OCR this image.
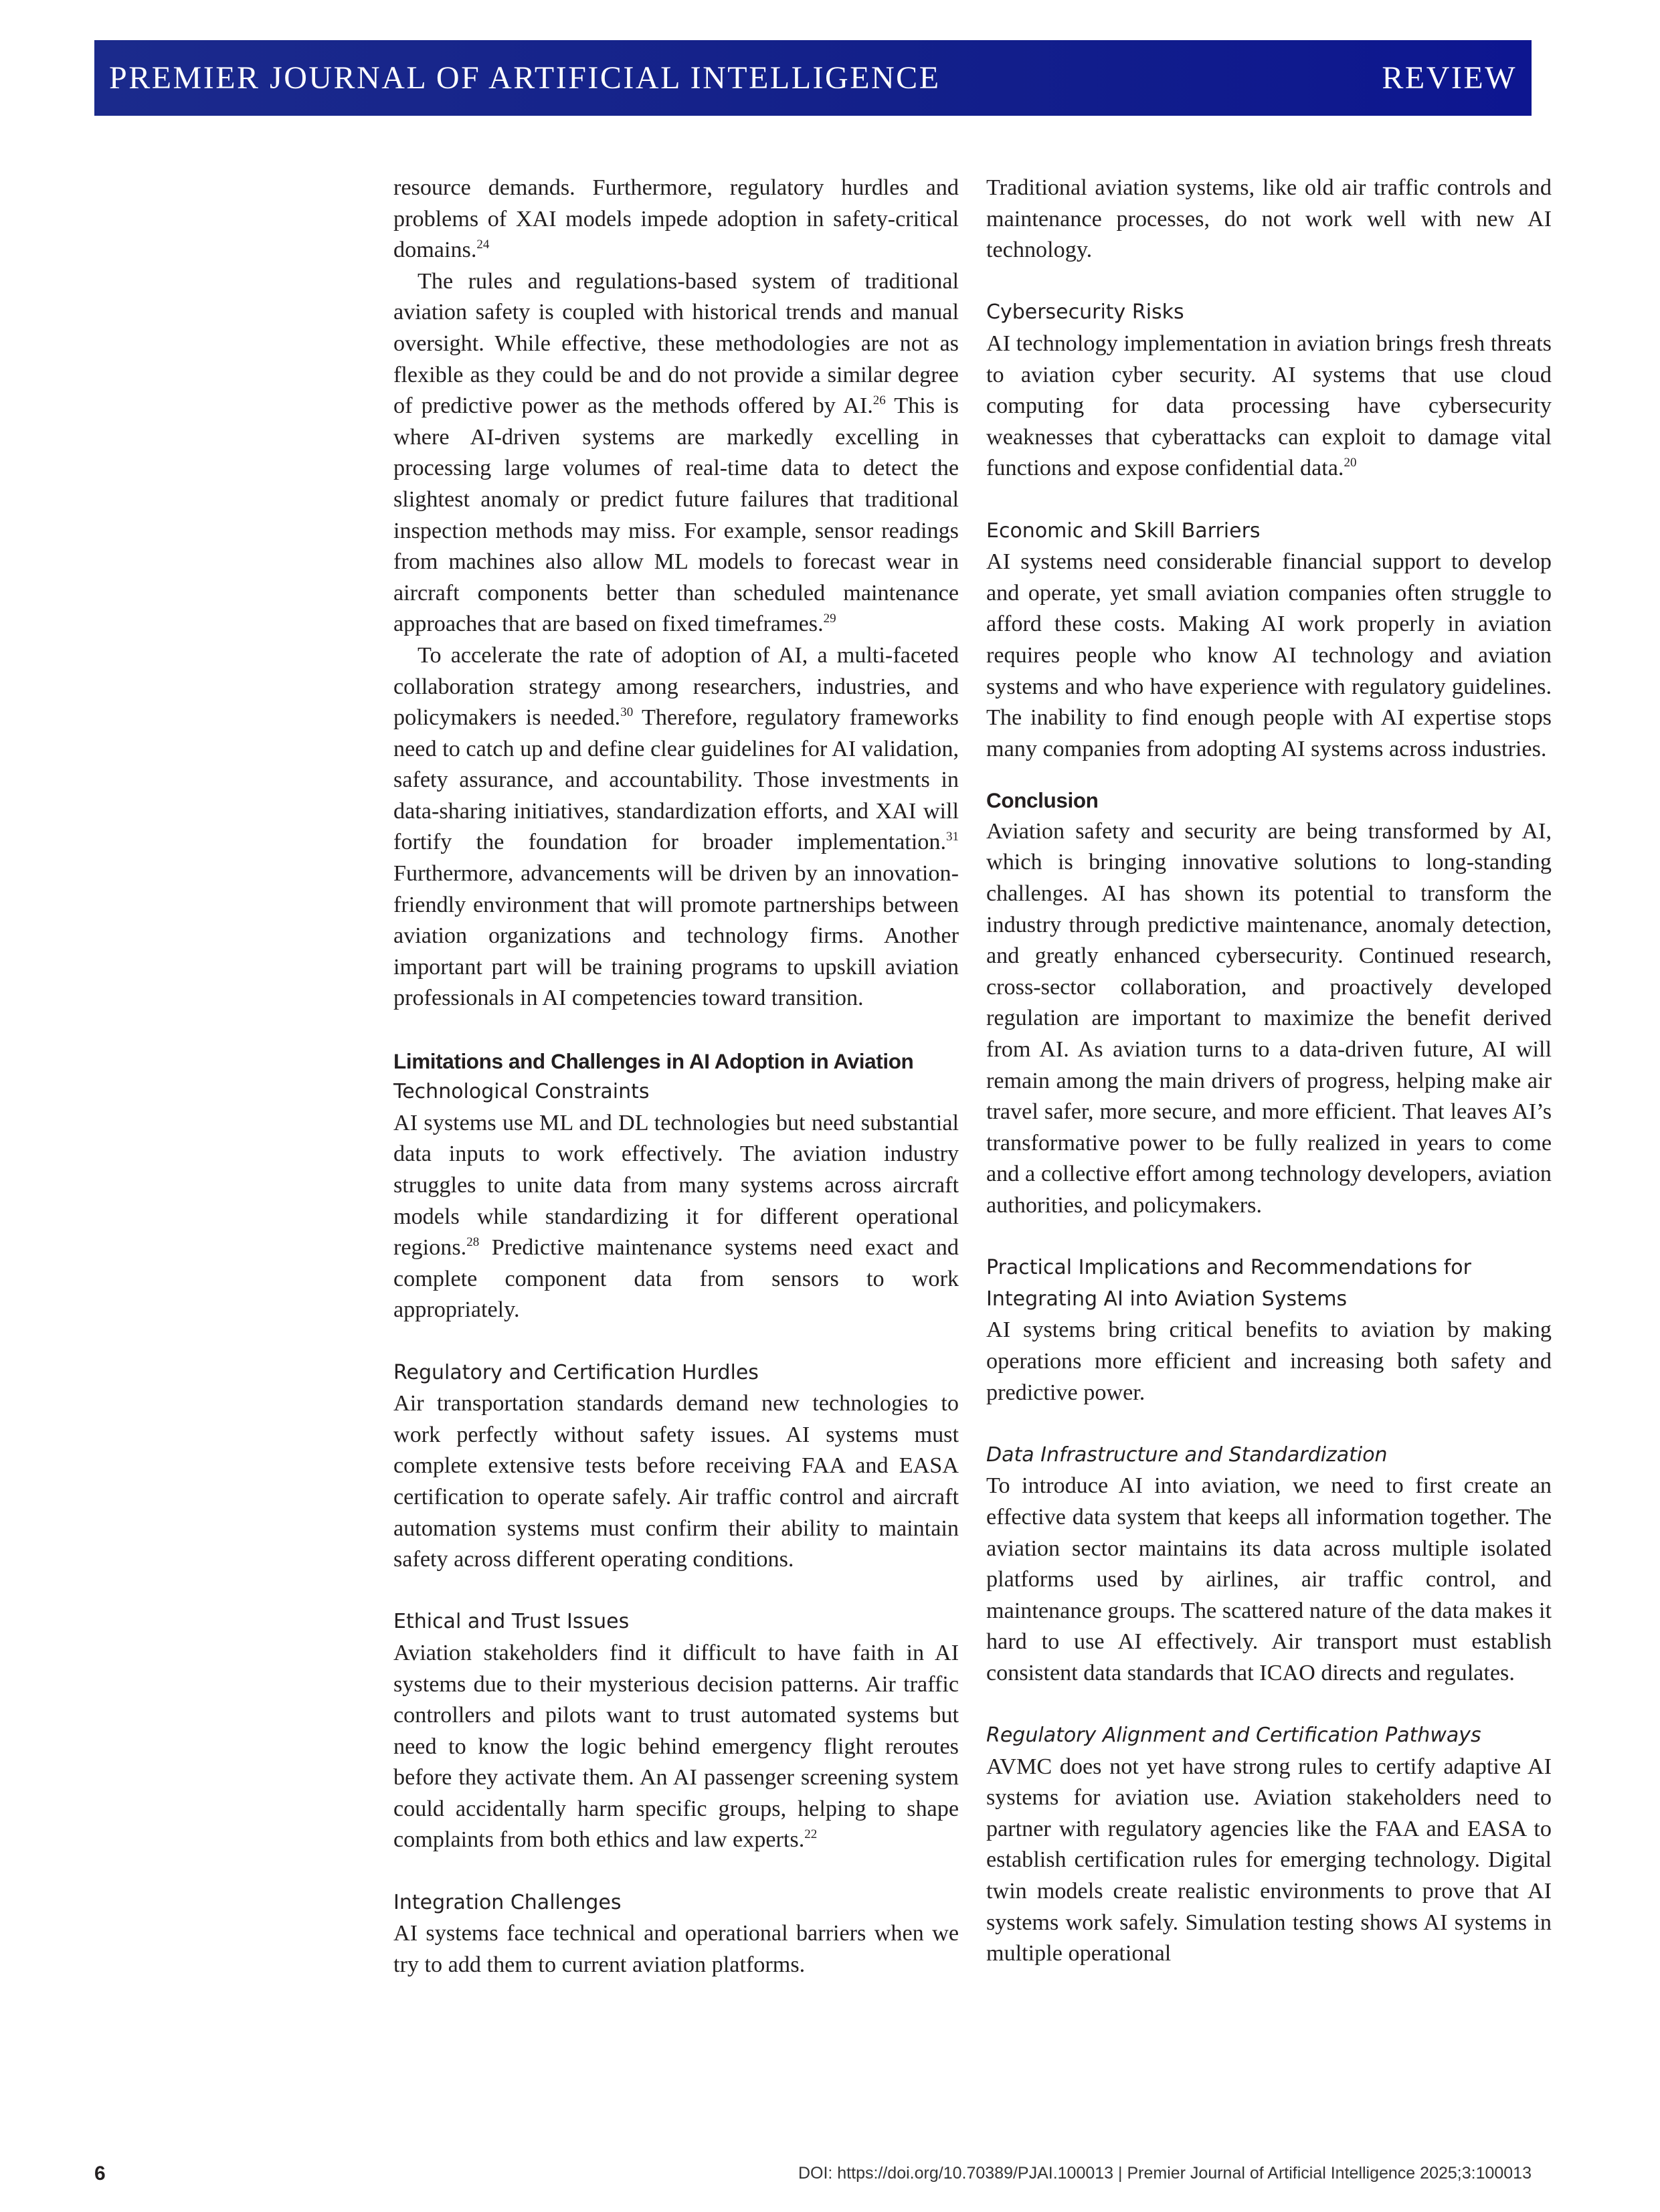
PREMIER JOURNAL OF ARTIFICIAL INTELLIGENCE	REVIEW

resource demands. Furthermore, regulatory hurdles and problems of XAI models impede adoption in safety-critical domains.$^{24}$

The rules and regulations-based system of traditional aviation safety is coupled with historical trends and manual oversight. While effective, these methodologies are not as flexible as they could be and do not provide a similar degree of predictive power as the methods offered by AI.$^{26}$ This is where AI-driven systems are markedly excelling in processing large volumes of real-time data to detect the slightest anomaly or predict future failures that traditional inspection methods may miss. For example, sensor readings from machines also allow ML models to forecast wear in aircraft components better than scheduled maintenance approaches that are based on fixed timeframes.$^{29}$

To accelerate the rate of adoption of AI, a multi-faceted collaboration strategy among researchers, industries, and policymakers is needed.$^{30}$ Therefore, regulatory frameworks need to catch up and define clear guidelines for AI validation, safety assurance, and accountability. Those investments in data-sharing initiatives, standardization efforts, and XAI will fortify the foundation for broader implementation.$^{31}$ Furthermore, advancements will be driven by an innovation-friendly environment that will promote partnerships between aviation organizations and technology firms. Another important part will be training programs to upskill aviation professionals in AI competencies toward transition.

Limitations and Challenges in AI Adoption in Aviation
Technological Constraints

AI systems use ML and DL technologies but need substantial data inputs to work effectively. The aviation industry struggles to unite data from many systems across aircraft models while standardizing it for different operational regions.$^{28}$ Predictive maintenance systems need exact and complete component data from sensors to work appropriately.

Regulatory and Certification Hurdles

Air transportation standards demand new technologies to work perfectly without safety issues. AI systems must complete extensive tests before receiving FAA and EASA certification to operate safely. Air traffic control and aircraft automation systems must confirm their ability to maintain safety across different operating conditions.

Ethical and Trust Issues

Aviation stakeholders find it difficult to have faith in AI systems due to their mysterious decision patterns. Air traffic controllers and pilots want to trust automated systems but need to know the logic behind emergency flight reroutes before they activate them. An AI passenger screening system could accidentally harm specific groups, helping to shape complaints from both ethics and law experts.$^{22}$

Integration Challenges

AI systems face technical and operational barriers when we try to add them to current aviation platforms.

Traditional aviation systems, like old air traffic controls and maintenance processes, do not work well with new AI technology.

Cybersecurity Risks

AI technology implementation in aviation brings fresh threats to aviation cyber security. AI systems that use cloud computing for data processing have cybersecurity weaknesses that cyberattacks can exploit to damage vital functions and expose confidential data.$^{20}$

Economic and Skill Barriers

AI systems need considerable financial support to develop and operate, yet small aviation companies often struggle to afford these costs. Making AI work properly in aviation requires people who know AI technology and aviation systems and who have experience with regulatory guidelines. The inability to find enough people with AI expertise stops many companies from adopting AI systems across industries.

Conclusion

Aviation safety and security are being transformed by AI, which is bringing innovative solutions to long-standing challenges. AI has shown its potential to transform the industry through predictive maintenance, anomaly detection, and greatly enhanced cybersecurity. Continued research, cross-sector collaboration, and proactively developed regulation are important to maximize the benefit derived from AI. As aviation turns to a data-driven future, AI will remain among the main drivers of progress, helping make air travel safer, more secure, and more efficient. That leaves AI’s transformative power to be fully realized in years to come and a collective effort among technology developers, aviation authorities, and policymakers.

Practical Implications and Recommendations for Integrating AI into Aviation Systems

AI systems bring critical benefits to aviation by making operations more efficient and increasing both safety and predictive power.

Data Infrastructure and Standardization

To introduce AI into aviation, we need to first create an effective data system that keeps all information together. The aviation sector maintains its data across multiple isolated platforms used by airlines, air traffic control, and maintenance groups. The scattered nature of the data makes it hard to use AI effectively. Air transport must establish consistent data standards that ICAO directs and regulates.

Regulatory Alignment and Certification Pathways

AVMC does not yet have strong rules to certify adaptive AI systems for aviation use. Aviation stakeholders need to partner with regulatory agencies like the FAA and EASA to establish certification rules for emerging technology. Digital twin models create realistic environments to prove that AI systems work safely. Simulation testing shows AI systems in multiple operational

6	DOI: https://doi.org/10.70389/PJAI.100013 | Premier Journal of Artificial Intelligence 2025;3:100013
